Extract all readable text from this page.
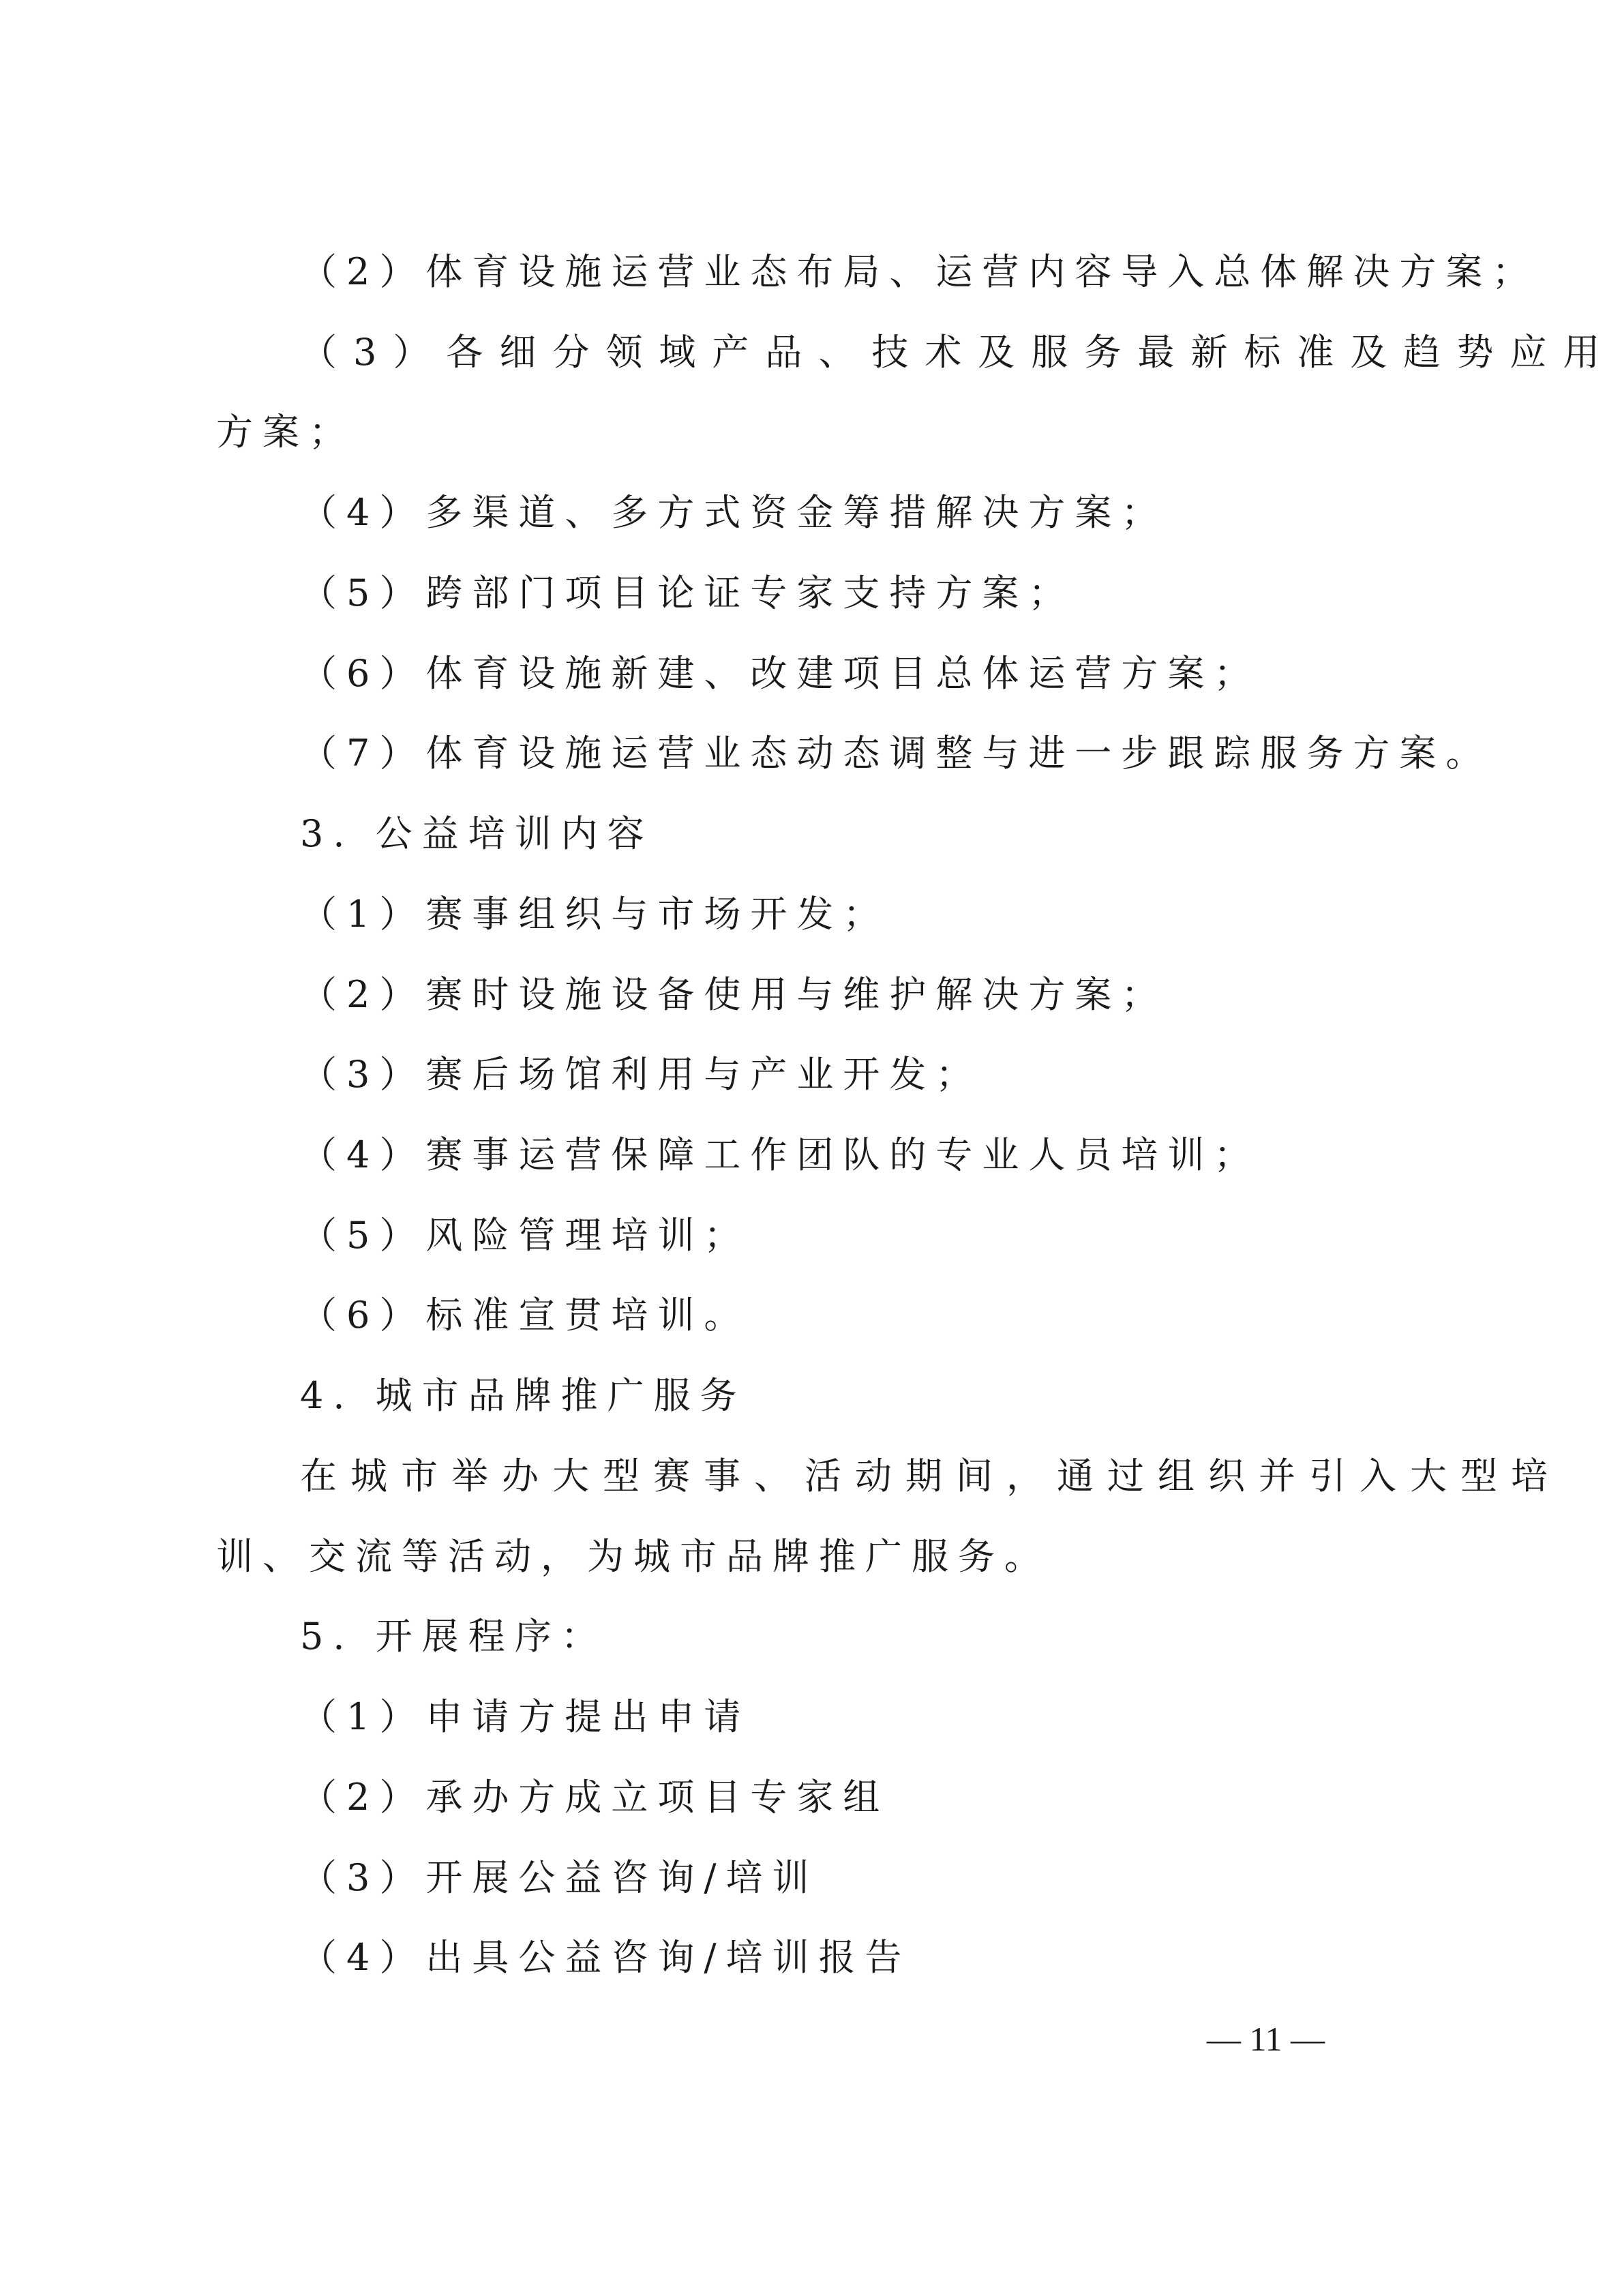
（2）体育设施运营业态布局、运营内容导入总体解决方案；
（3）各细分领域产品、技术及服务最新标准及趋势应用
方案；
（4）多渠道、多方式资金筹措解决方案；
（5）跨部门项目论证专家支持方案；
（6）体育设施新建、改建项目总体运营方案；
（7）体育设施运营业态动态调整与进一步跟踪服务方案。
3. 公益培训内容
（1）赛事组织与市场开发；
（2）赛时设施设备使用与维护解决方案；
（3）赛后场馆利用与产业开发；
（4）赛事运营保障工作团队的专业人员培训；
（5）风险管理培训；
（6）标准宣贯培训。
4. 城市品牌推广服务
在城市举办大型赛事、活动期间，通过组织并引入大型培
训、交流等活动，为城市品牌推广服务。
5. 开展程序：
（1）申请方提出申请
（2）承办方成立项目专家组
（3）开展公益咨询/培训
（4）出具公益咨询/培训报告
— 11 —
